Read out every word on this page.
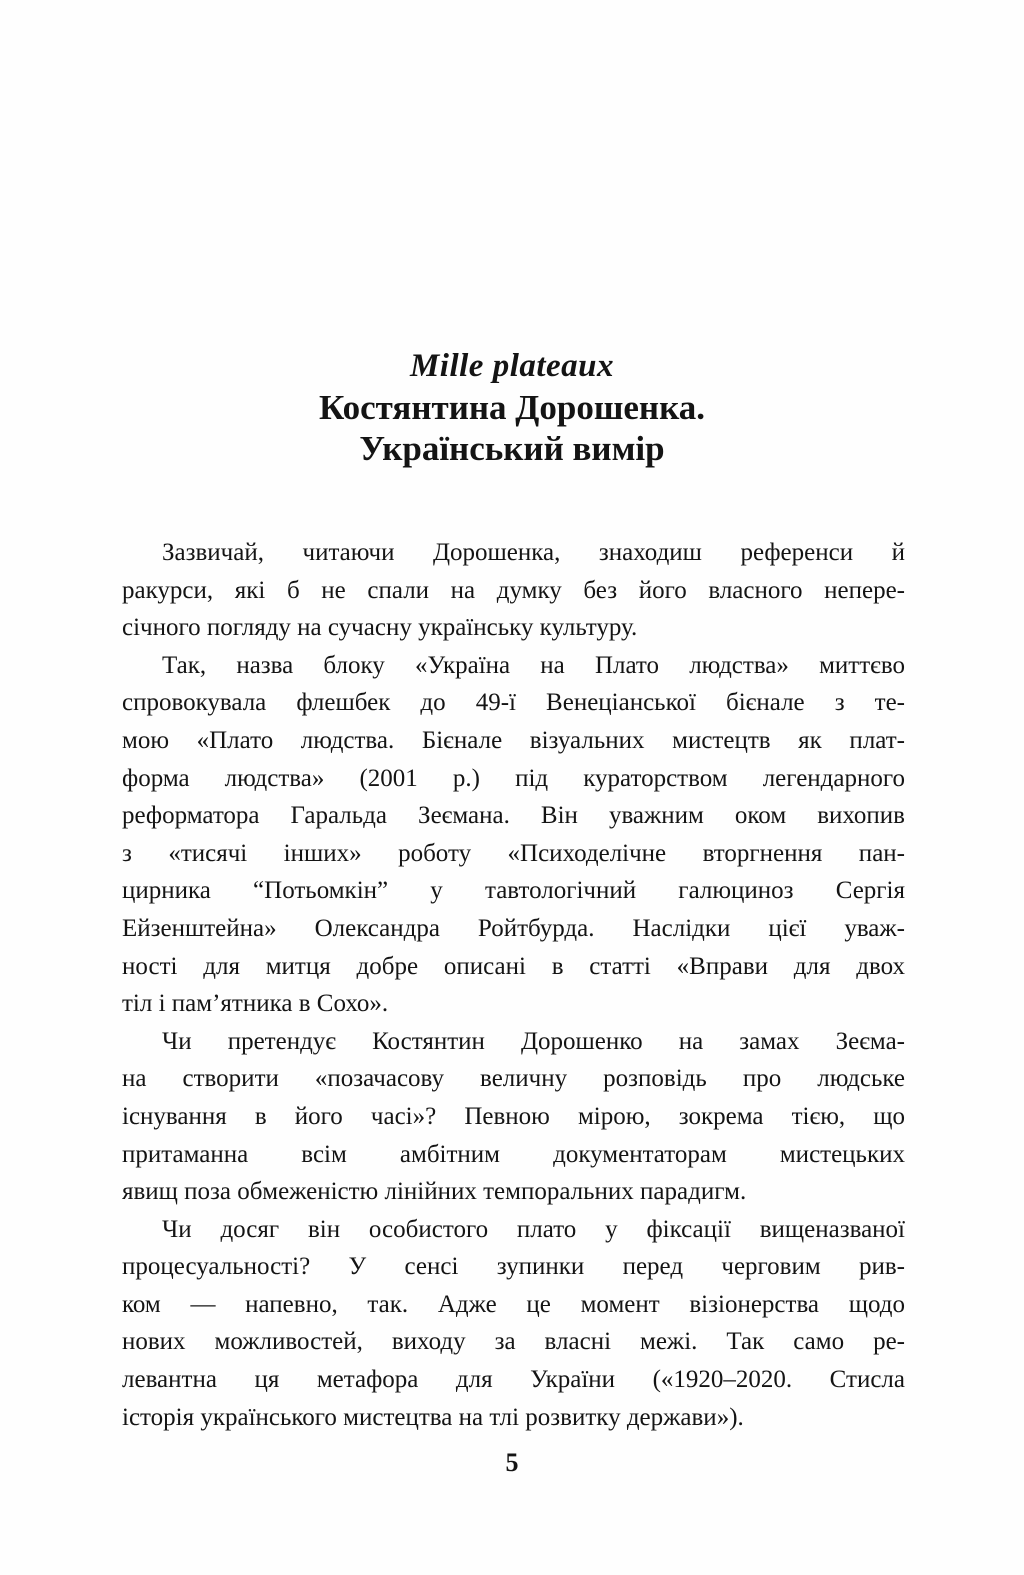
Mille plateaux
Костянтина Дорошенка.
Український вимір
Зазвичай, читаючи Дорошенка, знаходиш референси й
ракурси, які б не спали на думку без його власного непере-
січного погляду на сучасну українську культуру.
Так, назва блоку «Україна на Плато людства» миттєво
спровокувала флешбек до 49-ї Венеціанської бієнале з те-
мою «Плато людства. Бієнале візуальних мистецтв як плат-
форма людства» (2001 р.) під кураторством легендарного
реформатора Гаральда Зеємана. Він уважним оком вихопив
з «тисячі інших» роботу «Психоделічне вторгнення пан-
цирника “Потьомкін” у тавтологічний галюциноз Сергія
Ейзенштейна» Олександра Ройтбурда. Наслідки цієї уваж-
ності для митця добре описані в статті «Вправи для двох
тіл і пам’ятника в Сохо».
Чи претендує Костянтин Дорошенко на замах Зеєма-
на створити «позачасову величну розповідь про людське
існування в його часі»? Певною мірою, зокрема тією, що
притаманна всім амбітним документаторам мистецьких
явищ поза обмеженістю лінійних темпоральних парадигм.
Чи досяг він особистого плато у фіксації вищеназваної
процесуальності? У сенсі зупинки перед черговим рив-
ком — напевно, так. Адже це момент візіонерства щодо
нових можливостей, виходу за власні межі. Так само ре-
левантна ця метафора для України («1920–2020. Стисла
історія українського мистецтва на тлі розвитку держави»).
5
